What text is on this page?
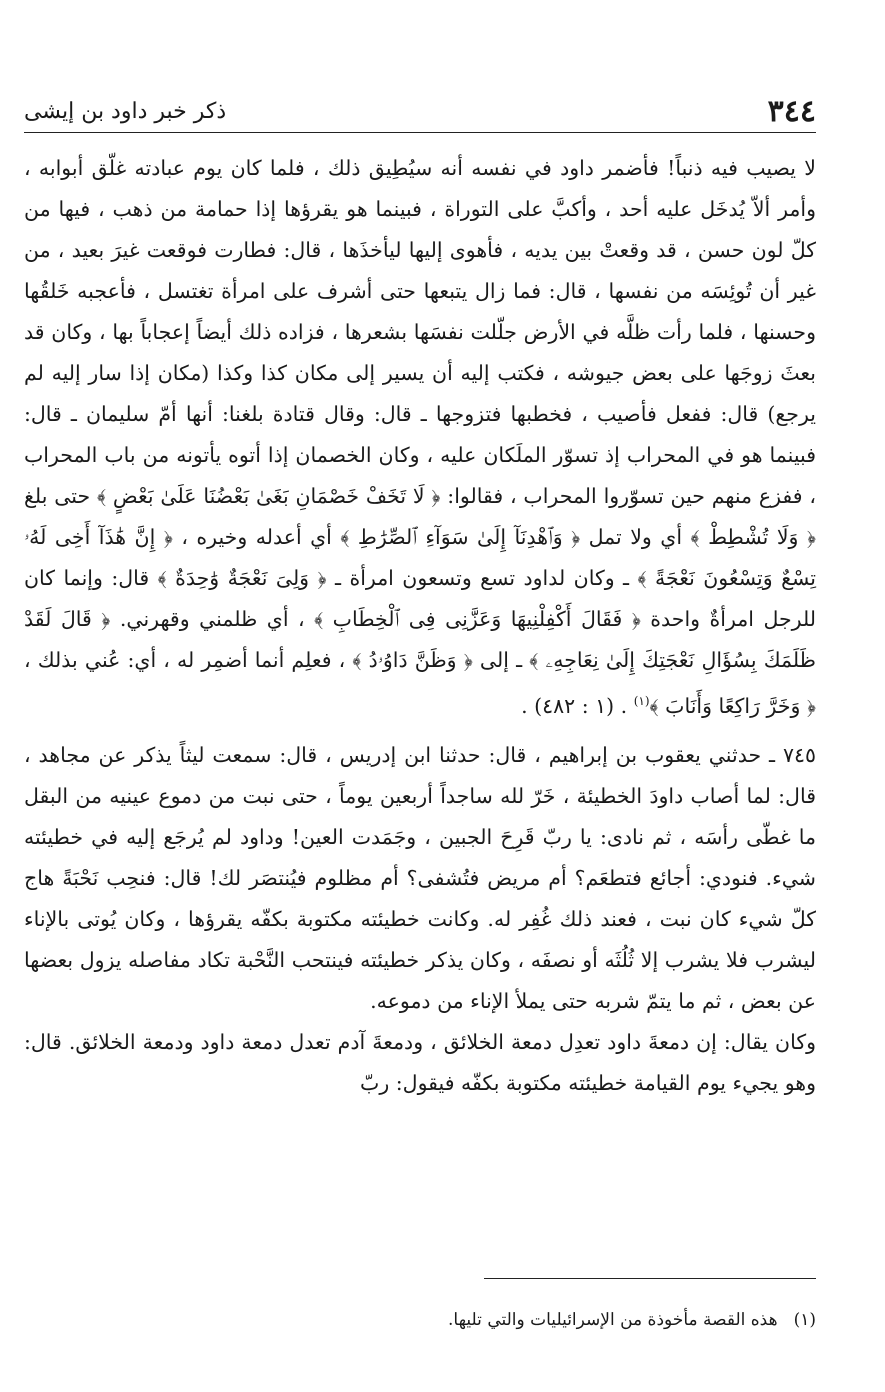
٣٤٤
ذكر خبر داود بن إيشى

لا يصيب فيه ذنباً! فأضمر داود في نفسه أنه سيُطِيق ذلك ، فلما كان يوم عبادته غلّق أبوابه ، وأمر ألاّ يُدخَل عليه أحد ، وأكبَّ على التوراة ، فبينما هو يقرؤها إذا حمامة من ذهب ، فيها من كلّ لون حسن ، قد وقعتْ بين يديه ، فأهوى إليها ليأخذَها ، قال: فطارت فوقعت غيرَ بعيد ، من غير أن تُوئِسَه من نفسها ، قال: فما زال يتبعها حتى أشرف على امرأة تغتسل ، فأعجبه خَلقُها وحسنها ، فلما رأت ظلَّه في الأرض جلّلت نفسَها بشعرها ، فزاده ذلك أيضاً إعجاباً بها ، وكان قد بعثَ زوجَها على بعض جيوشه ، فكتب إليه أن يسير إلى مكان كذا وكذا (مكان إذا سار إليه لم يرجع) قال: ففعل فأصيب ، فخطبها فتزوجها ـ قال: وقال قتادة بلغنا: أنها أمّ سليمان ـ قال: فبينما هو في المحراب إذ تسوّر الملَكان عليه ، وكان الخصمان إذا أتوه يأتونه من باب المحراب ، ففزع منهم حين تسوّروا المحراب ، فقالوا: ﴿ لَا تَخَفْ خَصْمَانِ بَغَىٰ بَعْضُنَا عَلَىٰ بَعْضٍ ﴾ حتى بلغ ﴿ وَلَا تُشْطِطْ ﴾ أي ولا تمل ﴿ وَٱهْدِنَآ إِلَىٰ سَوَآءِ ٱلصِّرَٰطِ ﴾ أي أعدله وخيره ، ﴿ إِنَّ هَٰذَآ أَخِى لَهُۥ تِسْعٌ وَتِسْعُونَ نَعْجَةً ﴾ ـ وكان لداود تسع وتسعون امرأة ـ ﴿ وَلِىَ نَعْجَةٌ وَٰحِدَةٌ ﴾ قال: وإنما كان للرجل امرأةٌ واحدة ﴿ فَقَالَ أَكْفِلْنِيهَا وَعَزَّنِى فِى ٱلْخِطَابِ ﴾ ، أي ظلمني وقهرني. ﴿ قَالَ لَقَدْ ظَلَمَكَ بِسُؤَالِ نَعْجَتِكَ إِلَىٰ نِعَاجِهِۦ ﴾ ـ إلى ﴿ وَظَنَّ دَاوُۥدُ ﴾ ، فعلِم أنما أضمِر له ، أي: عُني بذلك ، ﴿ وَخَرَّ رَاكِعًا وَأَنَابَ ﴾$^{(١)}$ . (١ : ٤٨٢) .

٧٤٥ ـ حدثني يعقوب بن إبراهيم ، قال: حدثنا ابن إدريس ، قال: سمعت ليثاً يذكر عن مجاهد ، قال: لما أصاب داودَ الخطيئة ، خَرّ لله ساجداً أربعين يوماً ، حتى نبت من دموع عينيه من البقل ما غطّى رأسَه ، ثم نادى: يا ربّ قَرِحَ الجبين ، وجَمَدت العين! وداود لم يُرجَع إليه في خطيئته شيء. فنودي: أجائع فتطعَم؟ أم مريض فتُشفى؟ أم مظلوم فيُنتصَر لك! قال: فنحِب نَحْبَةً هاج كلّ شيء كان نبت ، فعند ذلك غُفِر له. وكانت خطيئته مكتوبة بكفّه يقرؤها ، وكان يُوتى بالإناء ليشرب فلا يشرب إلا ثُلُثَه أو نصفَه ، وكان يذكر خطيئته فينتحب النَّحْبة تكاد مفاصله يزول بعضها عن بعض ، ثم ما يتمّ شربه حتى يملأ الإناء من دموعه.

وكان يقال: إن دمعةَ داود تعدِل دمعة الخلائق ، ودمعةَ آدم تعدل دمعة داود ودمعة الخلائق. قال: وهو يجيء يوم القيامة خطيئته مكتوبة بكفّه فيقول: ربّ

(١)هذه القصة مأخوذة من الإسرائيليات والتي تليها.
